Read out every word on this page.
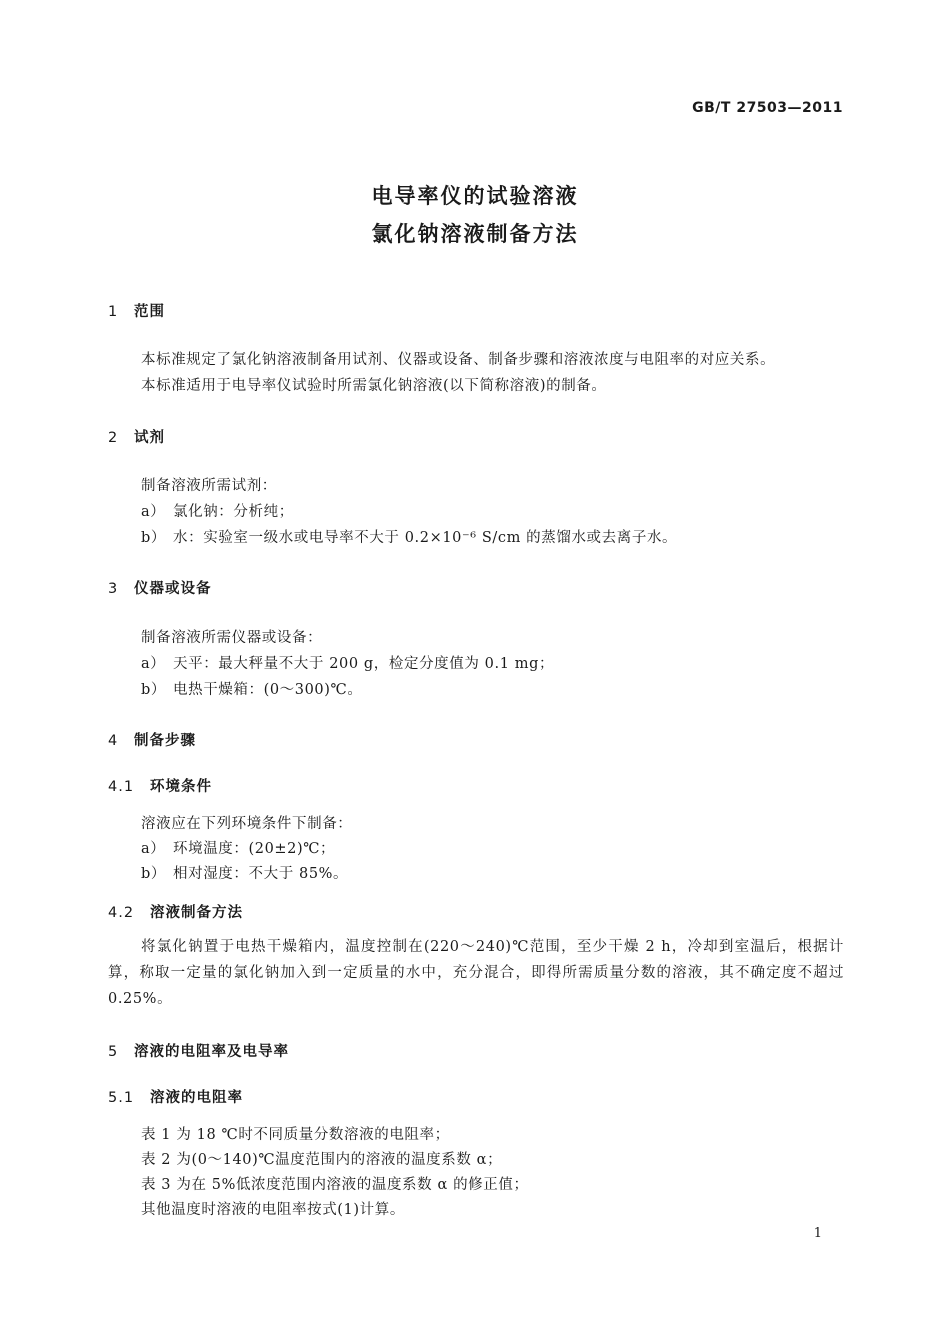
GB/T 27503—2011
电导率仪的试验溶液
氯化钠溶液制备方法
1 范围
本标准规定了氯化钠溶液制备用试剂、仪器或设备、制备步骤和溶液浓度与电阻率的对应关系。
本标准适用于电导率仪试验时所需氯化钠溶液(以下简称溶液)的制备。
2 试剂
制备溶液所需试剂：
a） 氯化钠：分析纯；
b） 水：实验室一级水或电导率不大于 0.2×10⁻⁶ S/cm 的蒸馏水或去离子水。
3 仪器或设备
制备溶液所需仪器或设备：
a） 天平：最大秤量不大于 200 g，检定分度值为 0.1 mg；
b） 电热干燥箱：(0～300)℃。
4 制备步骤
4.1 环境条件
溶液应在下列环境条件下制备：
a） 环境温度：(20±2)℃；
b） 相对湿度：不大于 85%。
4.2 溶液制备方法
将氯化钠置于电热干燥箱内，温度控制在(220～240)℃范围，至少干燥 2 h，冷却到室温后，根据计算，称取一定量的氯化钠加入到一定质量的水中，充分混合，即得所需质量分数的溶液，其不确定度不超过 0.25%。
5 溶液的电阻率及电导率
5.1 溶液的电阻率
表 1 为 18 ℃时不同质量分数溶液的电阻率；
表 2 为(0～140)℃温度范围内的溶液的温度系数 α；
表 3 为在 5%低浓度范围内溶液的温度系数 α 的修正值；
其他温度时溶液的电阻率按式(1)计算。
1
